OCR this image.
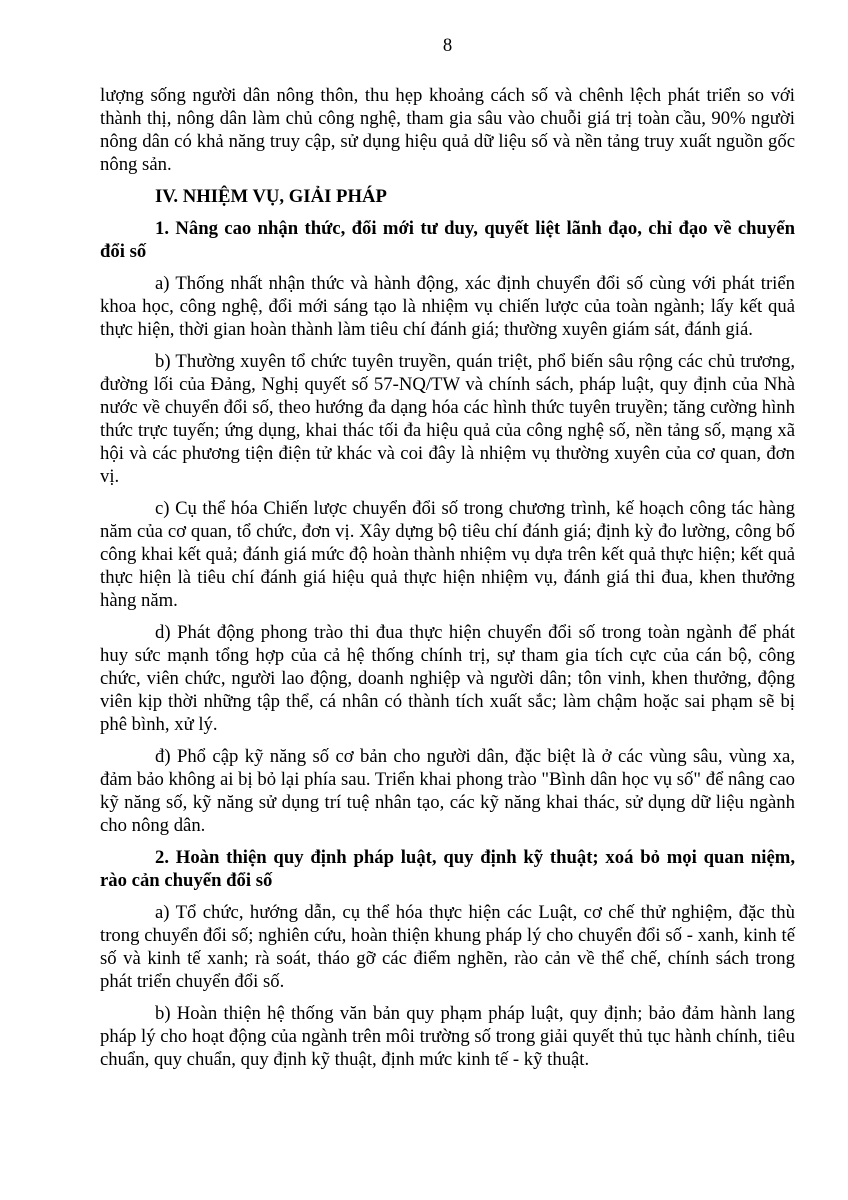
8

lượng sống người dân nông thôn, thu hẹp khoảng cách số và chênh lệch phát triển so với thành thị, nông dân làm chủ công nghệ, tham gia sâu vào chuỗi giá trị toàn cầu, 90% người nông dân có khả năng truy cập, sử dụng hiệu quả dữ liệu số và nền tảng truy xuất nguồn gốc nông sản.

IV. NHIỆM VỤ, GIẢI PHÁP

1. Nâng cao nhận thức, đổi mới tư duy, quyết liệt lãnh đạo, chỉ đạo về chuyển đổi số

a) Thống nhất nhận thức và hành động, xác định chuyển đổi số cùng với phát triển khoa học, công nghệ, đổi mới sáng tạo là nhiệm vụ chiến lược của toàn ngành; lấy kết quả thực hiện, thời gian hoàn thành làm tiêu chí đánh giá; thường xuyên giám sát, đánh giá.

b) Thường xuyên tổ chức tuyên truyền, quán triệt, phổ biến sâu rộng các chủ trương, đường lối của Đảng, Nghị quyết số 57-NQ/TW và chính sách, pháp luật, quy định của Nhà nước về chuyển đổi số, theo hướng đa dạng hóa các hình thức tuyên truyền; tăng cường hình thức trực tuyến; ứng dụng, khai thác tối đa hiệu quả của công nghệ số, nền tảng số, mạng xã hội và các phương tiện điện tử khác và coi đây là nhiệm vụ thường xuyên của cơ quan, đơn vị.

c) Cụ thể hóa Chiến lược chuyển đổi số trong chương trình, kế hoạch công tác hàng năm của cơ quan, tổ chức, đơn vị. Xây dựng bộ tiêu chí đánh giá; định kỳ đo lường, công bố công khai kết quả; đánh giá mức độ hoàn thành nhiệm vụ dựa trên kết quả thực hiện; kết quả thực hiện là tiêu chí đánh giá hiệu quả thực hiện nhiệm vụ, đánh giá thi đua, khen thưởng hàng năm.

d) Phát động phong trào thi đua thực hiện chuyển đổi số trong toàn ngành để phát huy sức mạnh tổng hợp của cả hệ thống chính trị, sự tham gia tích cực của cán bộ, công chức, viên chức, người lao động, doanh nghiệp và người dân; tôn vinh, khen thưởng, động viên kịp thời những tập thể, cá nhân có thành tích xuất sắc; làm chậm hoặc sai phạm sẽ bị phê bình, xử lý.

đ) Phổ cập kỹ năng số cơ bản cho người dân, đặc biệt là ở các vùng sâu, vùng xa, đảm bảo không ai bị bỏ lại phía sau. Triển khai phong trào "Bình dân học vụ số" để nâng cao kỹ năng số, kỹ năng sử dụng trí tuệ nhân tạo, các kỹ năng khai thác, sử dụng dữ liệu ngành cho nông dân.

2. Hoàn thiện quy định pháp luật, quy định kỹ thuật; xoá bỏ mọi quan niệm, rào cản chuyển đổi số

a) Tổ chức, hướng dẫn, cụ thể hóa thực hiện các Luật, cơ chế thử nghiệm, đặc thù trong chuyển đổi số; nghiên cứu, hoàn thiện khung pháp lý cho chuyển đổi số - xanh, kinh tế số và kinh tế xanh; rà soát, tháo gỡ các điểm nghẽn, rào cản về thể chế, chính sách trong phát triển chuyển đổi số.

b) Hoàn thiện hệ thống văn bản quy phạm pháp luật, quy định; bảo đảm hành lang pháp lý cho hoạt động của ngành trên môi trường số trong giải quyết thủ tục hành chính, tiêu chuẩn, quy chuẩn, quy định kỹ thuật, định mức kinh tế - kỹ thuật.
